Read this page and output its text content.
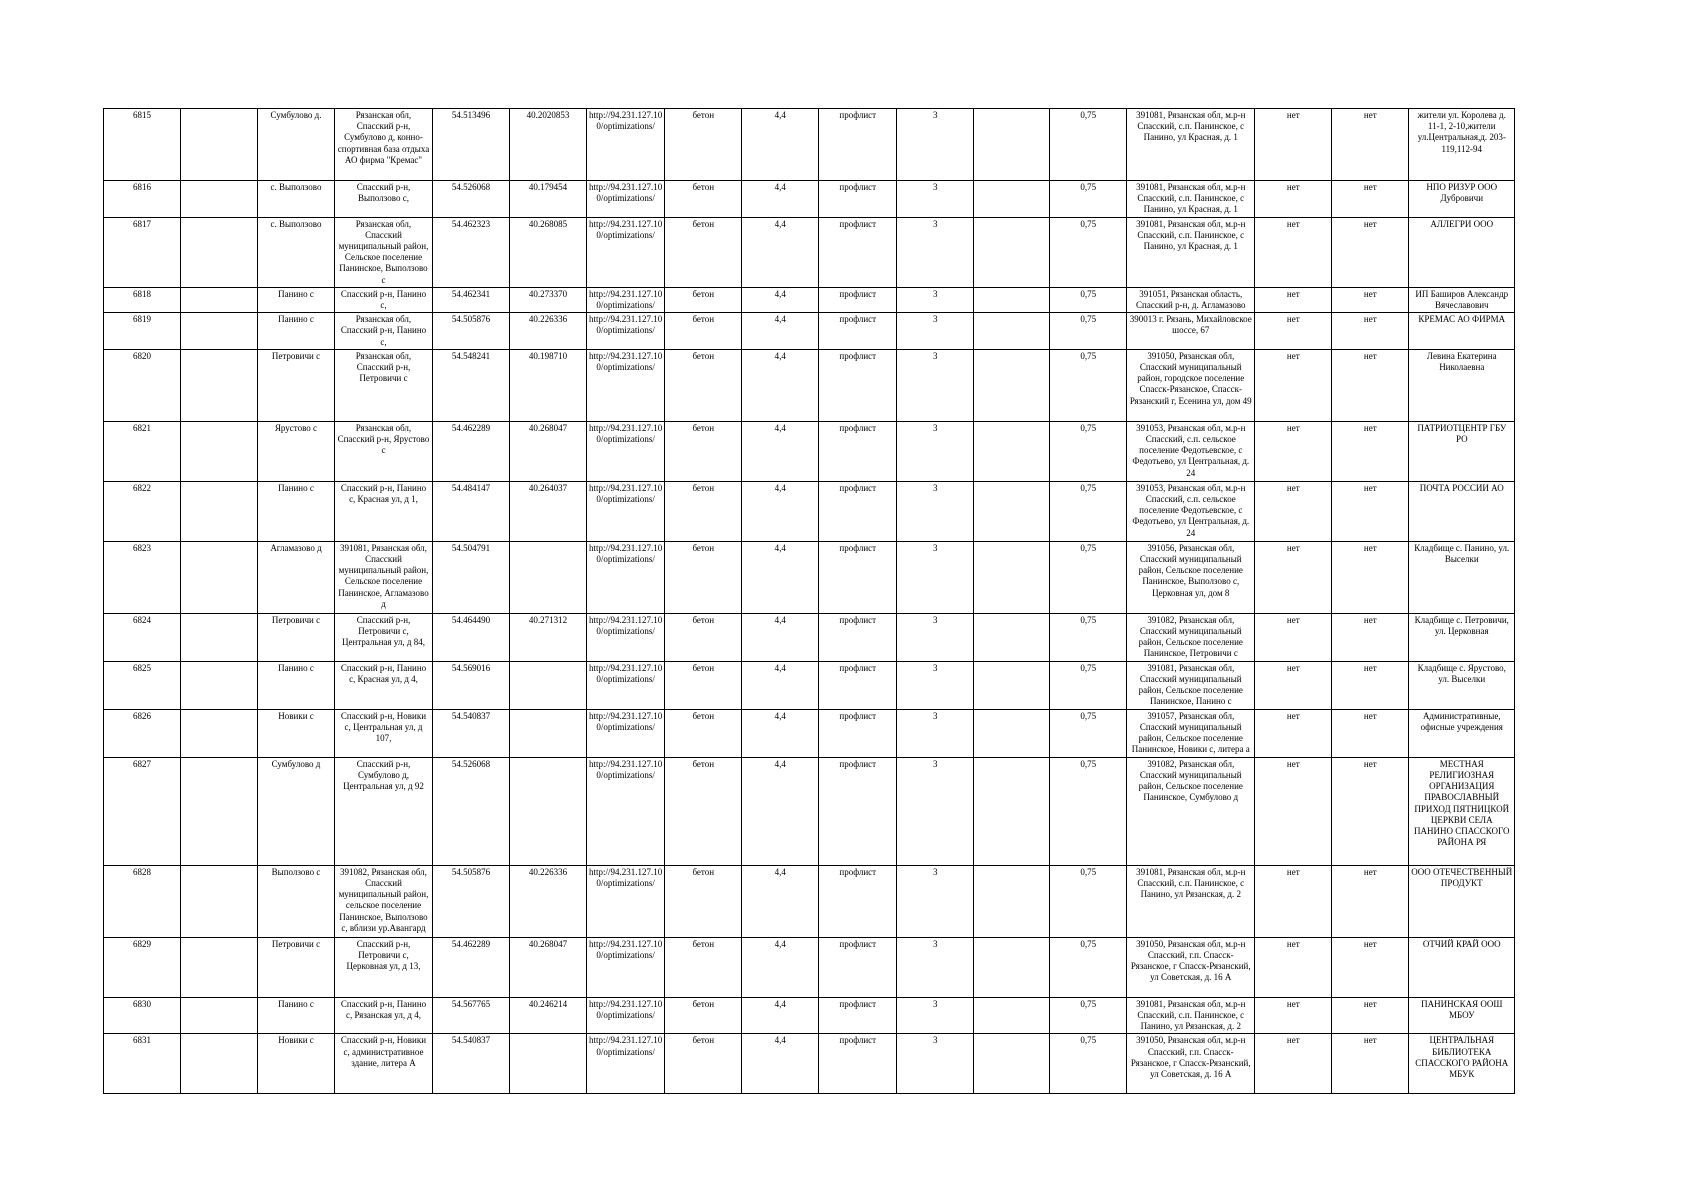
6815		Сумбулово д.	Рязанская обл, Спасский р-н, Сумбулово д, конно-спортивная база отдыха АО фирма "Кремас"	54.513496	40.2020853	http://94.231.127.10 0/optimizations/	бетон	4,4	профлист	3		0,75	391081, Рязанская обл, м.р-н Спасский, с.п. Панинское, с Панино, ул Красная, д. 1	нет	нет	жители ул. Королева д. 11-1, 2-10,жители ул.Центральная,д. 203-119,112-94
6816		с. Выползово	Спасский р-н, Выползово с,	54.526068	40.179454	http://94.231.127.10 0/optimizations/	бетон	4,4	профлист	3		0,75	391081, Рязанская обл, м.р-н Спасский, с.п. Панинское, с Панино, ул Красная, д. 1	нет	нет	НПО РИЗУР ООО Дубровичи
6817		с. Выползово	Рязанская обл, Спасский муниципальный район, Сельское поселение Панинское, Выползово с	54.462323	40.268085	http://94.231.127.10 0/optimizations/	бетон	4,4	профлист	3		0,75	391081, Рязанская обл, м.р-н Спасский, с.п. Панинское, с Панино, ул Красная, д. 1	нет	нет	АЛЛЕГРИ ООО
6818		Панино с	Спасский р-н, Панино с,	54.462341	40.273370	http://94.231.127.10 0/optimizations/	бетон	4,4	профлист	3		0,75	391051, Рязанская область, Спасский р-н, д. Агламазово	нет	нет	ИП Баширов Александр Вячеславович
6819		Панино с	Рязанская обл, Спасский р-н, Панино с,	54.505876	40.226336	http://94.231.127.10 0/optimizations/	бетон	4,4	профлист	3		0,75	390013 г. Рязань, Михайловское шоссе, 67	нет	нет	КРЕМАС АО ФИРМА
6820		Петровичи с	Рязанская обл, Спасский р-н, Петровичи с	54.548241	40.198710	http://94.231.127.10 0/optimizations/	бетон	4,4	профлист	3		0,75	391050, Рязанская обл, Спасский муниципальный район, городское поселение Спасск-Рязанское, Спасск-Рязанский г, Есенина ул, дом 49	нет	нет	Левина Екатерина Николаевна
6821		Ярустово с	Рязанская обл, Спасский р-н, Ярустово с	54.462289	40.268047	http://94.231.127.10 0/optimizations/	бетон	4,4	профлист	3		0,75	391053, Рязанская обл, м.р-н Спасский, с.п. сельское поселение Федотьевское, с Федотьево, ул Центральная, д. 24	нет	нет	ПАТРИОТЦЕНТР ГБУ РО
6822		Панино с	Спасский р-н, Панино с, Красная ул, д 1,	54.484147	40.264037	http://94.231.127.10 0/optimizations/	бетон	4,4	профлист	3		0,75	391053, Рязанская обл, м.р-н Спасский, с.п. сельское поселение Федотьевское, с Федотьево, ул Центральная, д. 24	нет	нет	ПОЧТА РОССИИ АО
6823		Агламазово д	391081, Рязанская обл, Спасский муниципальный район, Сельское поселение Панинское, Агламазово д	54.504791		http://94.231.127.10 0/optimizations/	бетон	4,4	профлист	3		0,75	391056, Рязанская обл, Спасский муниципальный район, Сельское поселение Панинское, Выползово с, Церковная ул, дом 8	нет	нет	Кладбище с. Панино, ул. Выселки
6824		Петровичи с	Спасский р-н, Петровичи с, Центральная ул, д 84,	54.464490	40.271312	http://94.231.127.10 0/optimizations/	бетон	4,4	профлист	3		0,75	391082, Рязанская обл, Спасский муниципальный район, Сельское поселение Панинское, Петровичи с	нет	нет	Кладбище с. Петровичи, ул. Церковная
6825		Панино с	Спасский р-н, Панино с, Красная ул, д 4,	54.569016		http://94.231.127.10 0/optimizations/	бетон	4,4	профлист	3		0,75	391081, Рязанская обл, Спасский муниципальный район, Сельское поселение Панинское, Панино с	нет	нет	Кладбище с. Ярустово, ул. Выселки
6826		Новики с	Спасский р-н, Новики с, Центральная ул, д 107,	54.540837		http://94.231.127.10 0/optimizations/	бетон	4,4	профлист	3		0,75	391057, Рязанская обл, Спасский муниципальный район, Сельское поселение Панинское, Новики с, литера а	нет	нет	Административные, офисные учреждения
6827		Сумбулово д	Спасский р-н, Сумбулово д, Центральная ул, д 92	54.526068		http://94.231.127.10 0/optimizations/	бетон	4,4	профлист	3		0,75	391082, Рязанская обл, Спасский муниципальный район, Сельское поселение Панинское, Сумбулово д	нет	нет	МЕСТНАЯ РЕЛИГИОЗНАЯ ОРГАНИЗАЦИЯ ПРАВОСЛАВНЫЙ ПРИХОД ПЯТНИЦКОЙ ЦЕРКВИ СЕЛА ПАНИНО СПАССКОГО РАЙОНА РЯ
6828		Выползово с	391082, Рязанская обл, Спасский муниципальный район, сельское поселение Панинское, Выползово с, вблизи ур.Авангард	54.505876	40.226336	http://94.231.127.10 0/optimizations/	бетон	4,4	профлист	3		0,75	391081, Рязанская обл, м.р-н Спасский, с.п. Панинское, с Панино, ул Рязанская, д. 2	нет	нет	ООО ОТЕЧЕСТВЕННЫЙ ПРОДУКТ
6829		Петровичи с	Спасский р-н, Петровичи с, Церковная ул, д 13,	54.462289	40.268047	http://94.231.127.10 0/optimizations/	бетон	4,4	профлист	3		0,75	391050, Рязанская обл, м.р-н Спасский, г.п. Спасск-Рязанское, г Спасск-Рязанский, ул Советская, д. 16 А	нет	нет	ОТЧИЙ КРАЙ ООО
6830		Панино с	Спасский р-н, Панино с, Рязанская ул, д 4,	54.567765	40.246214	http://94.231.127.10 0/optimizations/	бетон	4,4	профлист	3		0,75	391081, Рязанская обл, м.р-н Спасский, с.п. Панинское, с Панино, ул Рязанская, д. 2	нет	нет	ПАНИНСКАЯ ООШ МБОУ
6831		Новики с	Спасский р-н, Новики с, административное здание, литера А	54.540837		http://94.231.127.10 0/optimizations/	бетон	4,4	профлист	3		0,75	391050, Рязанская обл, м.р-н Спасский, г.п. Спасск-Рязанское, г Спасск-Рязанский, ул Советская, д. 16 А	нет	нет	ЦЕНТРАЛЬНАЯ БИБЛИОТЕКА СПАССКОГО РАЙОНА МБУК
